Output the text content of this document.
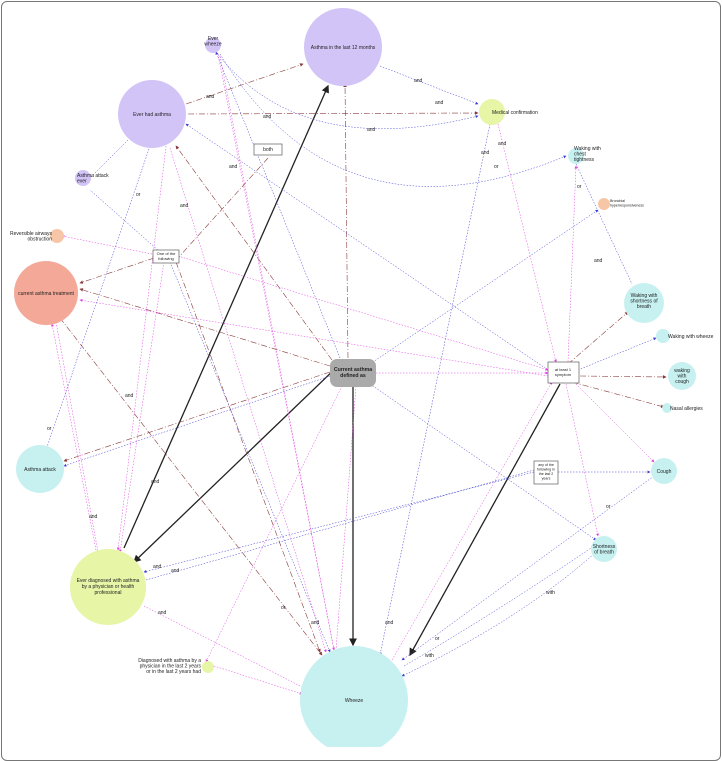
and
and
and
and
and
and
and
or
and
or
and
or
and
and
or
and
and
and
and
and
or
and	and
or
with
or
with
Asthma in the last 12 months
Ever wheeze
Medical confirmation
Ever had asthma
both	Waking with chest tightness
Asthma attack ever
Bronchial hyperresponsiveness
Reversible airways obstruction
One of the following
current asthma treatment	Waking with shortness of breath
Waking with wheeze
Current asthma defined as
at least 1 symptom
waking with cough
Nasal allergies
Asthma attack
any of the following in the last 2 years
Cough
Shortness of breath
Ever diagnosed with asthma by a physician or health professional
Diagnosed with asthma by a physician in the last 2 years or in the last 2 years had
Wheeze
